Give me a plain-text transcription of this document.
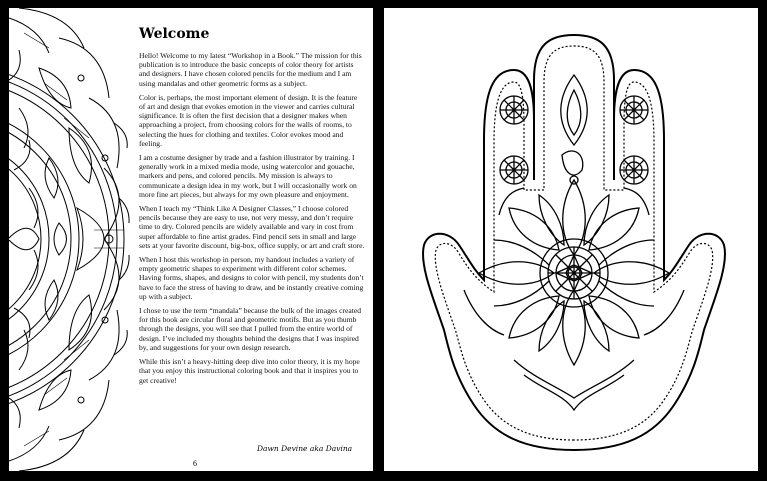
Welcome

Hello! Welcome to my latest “Workshop in a Book.” The mission for this publication is to introduce the basic concepts of color theory for artists and designers. I have chosen colored pencils for the medium and I am using mandalas and other geometric forms as a subject.

Color is, perhaps, the most important element of design. It is the feature of art and design that evokes emotion in the viewer and carries cultural significance. It is often the first decision that a designer makes when approaching a project, from choosing colors for the walls of rooms, to selecting the hues for clothing and textiles. Color evokes mood and feeling.

I am a costume designer by trade and a fashion illustrator by training. I generally work in a mixed media mode, using watercolor and gouache, markers and pens, and colored pencils. My mission is always to communicate a design idea in my work, but I will occasionally work on more fine art pieces, but always for my own pleasure and enjoyment.

When I teach my “Think Like A Designer Classes,” I choose colored pencils because they are easy to use, not very messy, and don’t require time to dry. Colored pencils are widely available and vary in cost from super affordable to fine artist grades. Find pencil sets in small and large sets at your favorite discount, big-box, office supply, or art and craft store.

When I host this workshop in person, my handout includes a variety of empty geometric shapes to experiment with different color schemes. Having forms, shapes, and designs to color with pencil, my students don’t have to face the stress of having to draw, and be instantly creative coming up with a subject.

I chose to use the term “mandala” because the bulk of the images created for this book are circular floral and geometric motifs. But as you thumb through the designs, you will see that I pulled from the entire world of design. I’ve included my thoughts behind the designs that I was inspired by, and suggestions for your own design research.

While this isn’t a heavy-hitting deep dive into color theory, it is my hope that you enjoy this instructional coloring book and that it inspires you to get creative!

Dawn Devine aka Davina
6
